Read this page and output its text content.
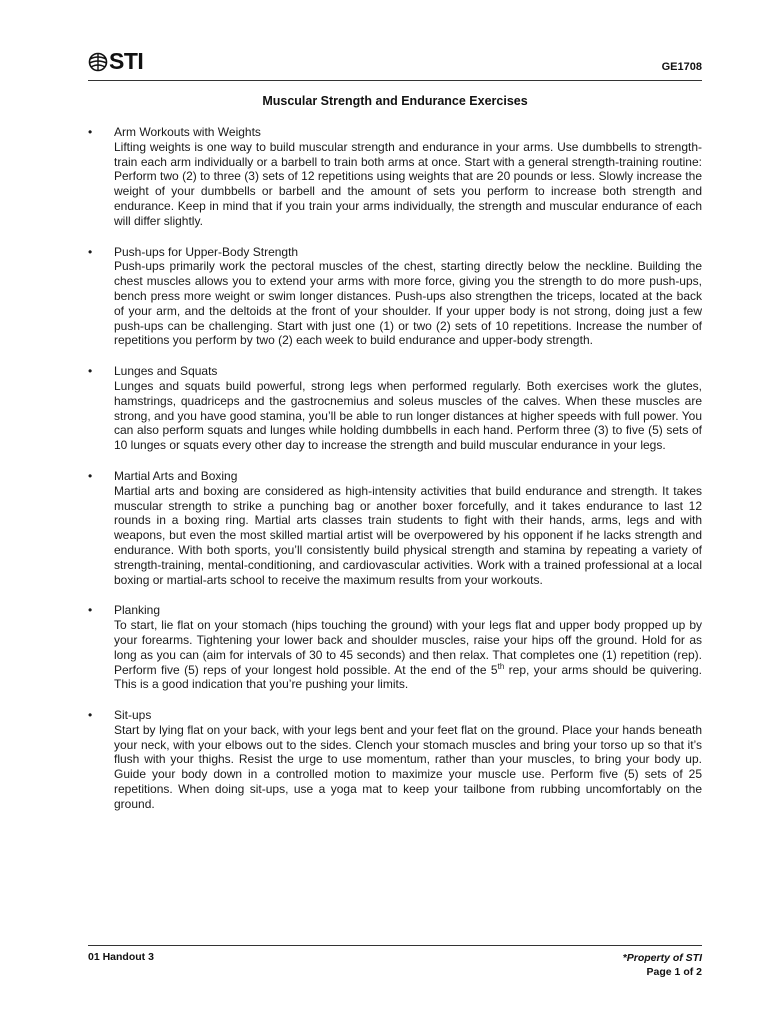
STI	GE1708
Muscular Strength and Endurance Exercises
• Arm Workouts with Weights
Lifting weights is one way to build muscular strength and endurance in your arms. Use dumbbells to strength-train each arm individually or a barbell to train both arms at once. Start with a general strength-training routine: Perform two (2) to three (3) sets of 12 repetitions using weights that are 20 pounds or less. Slowly increase the weight of your dumbbells or barbell and the amount of sets you perform to increase both strength and endurance. Keep in mind that if you train your arms individually, the strength and muscular endurance of each will differ slightly.
• Push-ups for Upper-Body Strength
Push-ups primarily work the pectoral muscles of the chest, starting directly below the neckline. Building the chest muscles allows you to extend your arms with more force, giving you the strength to do more push-ups, bench press more weight or swim longer distances. Push-ups also strengthen the triceps, located at the back of your arm, and the deltoids at the front of your shoulder. If your upper body is not strong, doing just a few push-ups can be challenging. Start with just one (1) or two (2) sets of 10 repetitions. Increase the number of repetitions you perform by two (2) each week to build endurance and upper-body strength.
• Lunges and Squats
Lunges and squats build powerful, strong legs when performed regularly. Both exercises work the glutes, hamstrings, quadriceps and the gastrocnemius and soleus muscles of the calves. When these muscles are strong, and you have good stamina, you’ll be able to run longer distances at higher speeds with full power. You can also perform squats and lunges while holding dumbbells in each hand. Perform three (3) to five (5) sets of 10 lunges or squats every other day to increase the strength and build muscular endurance in your legs.
• Martial Arts and Boxing
Martial arts and boxing are considered as high-intensity activities that build endurance and strength. It takes muscular strength to strike a punching bag or another boxer forcefully, and it takes endurance to last 12 rounds in a boxing ring. Martial arts classes train students to fight with their hands, arms, legs and with weapons, but even the most skilled martial artist will be overpowered by his opponent if he lacks strength and endurance. With both sports, you’ll consistently build physical strength and stamina by repeating a variety of strength-training, mental-conditioning, and cardiovascular activities. Work with a trained professional at a local boxing or martial-arts school to receive the maximum results from your workouts.
• Planking
To start, lie flat on your stomach (hips touching the ground) with your legs flat and upper body propped up by your forearms. Tightening your lower back and shoulder muscles, raise your hips off the ground. Hold for as long as you can (aim for intervals of 30 to 45 seconds) and then relax. That completes one (1) repetition (rep). Perform five (5) reps of your longest hold possible. At the end of the 5th rep, your arms should be quivering. This is a good indication that you’re pushing your limits.
• Sit-ups
Start by lying flat on your back, with your legs bent and your feet flat on the ground. Place your hands beneath your neck, with your elbows out to the sides. Clench your stomach muscles and bring your torso up so that it’s flush with your thighs. Resist the urge to use momentum, rather than your muscles, to bring your body up. Guide your body down in a controlled motion to maximize your muscle use. Perform five (5) sets of 25 repetitions. When doing sit-ups, use a yoga mat to keep your tailbone from rubbing uncomfortably on the ground.
01 Handout 3	*Property of STI
Page 1 of 2
